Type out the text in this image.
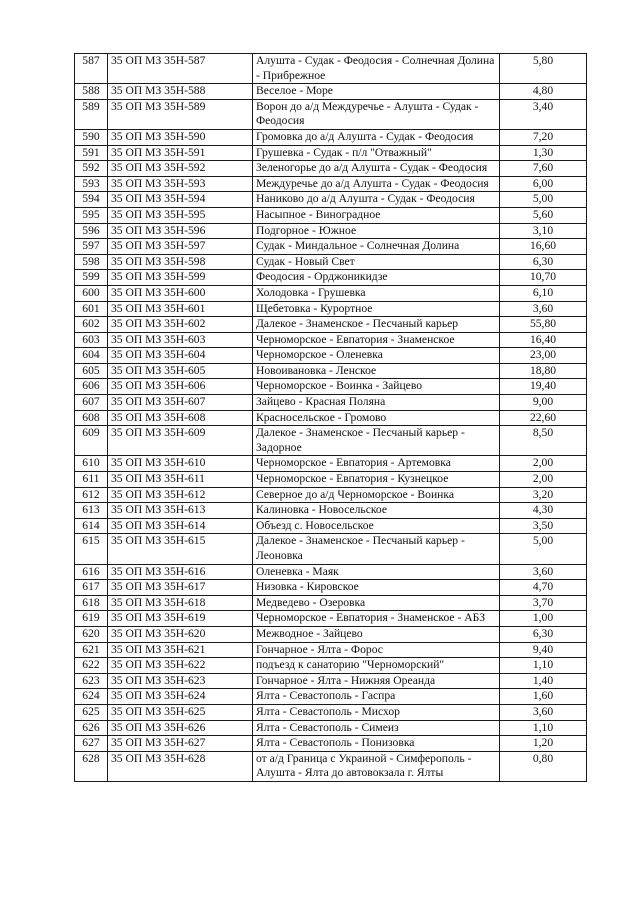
587	35 ОП МЗ 35Н-587	Алушта - Судак - Феодосия - Солнечная Долина - Прибрежное	5,80
588	35 ОП МЗ 35Н-588	Веселое - Море	4,80
589	35 ОП МЗ 35Н-589	Ворон до а/д Междуречье - Алушта - Судак - Феодосия	3,40
590	35 ОП МЗ 35Н-590	Громовка до а/д Алушта - Судак - Феодосия	7,20
591	35 ОП МЗ 35Н-591	Грушевка - Судак - п/л "Отважный"	1,30
592	35 ОП МЗ 35Н-592	Зеленогорье до а/д Алушта - Судак - Феодосия	7,60
593	35 ОП МЗ 35Н-593	Междуречье до а/д Алушта - Судак - Феодосия	6,00
594	35 ОП МЗ 35Н-594	Наниково до а/д Алушта - Судак - Феодосия	5,00
595	35 ОП МЗ 35Н-595	Насыпное - Виноградное	5,60
596	35 ОП МЗ 35Н-596	Подгорное - Южное	3,10
597	35 ОП МЗ 35Н-597	Судак - Миндальное - Солнечная Долина	16,60
598	35 ОП МЗ 35Н-598	Судак - Новый Свет	6,30
599	35 ОП МЗ 35Н-599	Феодосия - Орджоникидзе	10,70
600	35 ОП МЗ 35Н-600	Холодовка - Грушевка	6,10
601	35 ОП МЗ 35Н-601	Щебетовка - Курортное	3,60
602	35 ОП МЗ 35Н-602	Далекое - Знаменское - Песчаный карьер	55,80
603	35 ОП МЗ 35Н-603	Черноморское - Евпатория - Знаменское	16,40
604	35 ОП МЗ 35Н-604	Черноморское - Оленевка	23,00
605	35 ОП МЗ 35Н-605	Новоивановка - Ленское	18,80
606	35 ОП МЗ 35Н-606	Черноморское - Воинка - Зайцево	19,40
607	35 ОП МЗ 35Н-607	Зайцево - Красная Поляна	9,00
608	35 ОП МЗ 35Н-608	Красносельское - Громово	22,60
609	35 ОП МЗ 35Н-609	Далекое - Знаменское - Песчаный карьер - Задорное	8,50
610	35 ОП МЗ 35Н-610	Черноморское - Евпатория - Артемовка	2,00
611	35 ОП МЗ 35Н-611	Черноморское - Евпатория - Кузнецкое	2,00
612	35 ОП МЗ 35Н-612	Северное до а/д Черноморское - Воинка	3,20
613	35 ОП МЗ 35Н-613	Калиновка - Новосельское	4,30
614	35 ОП МЗ 35Н-614	Объезд с. Новосельское	3,50
615	35 ОП МЗ 35Н-615	Далекое - Знаменское - Песчаный карьер - Леоновка	5,00
616	35 ОП МЗ 35Н-616	Оленевка - Маяк	3,60
617	35 ОП МЗ 35Н-617	Низовка - Кировское	4,70
618	35 ОП МЗ 35Н-618	Медведево - Озеровка	3,70
619	35 ОП МЗ 35Н-619	Черноморское - Евпатория - Знаменское - АБЗ	1,00
620	35 ОП МЗ 35Н-620	Межводное - Зайцево	6,30
621	35 ОП МЗ 35Н-621	Гончарное - Ялта - Форос	9,40
622	35 ОП МЗ 35Н-622	подъезд к санаторию "Черноморский"	1,10
623	35 ОП МЗ 35Н-623	Гончарное - Ялта - Нижняя Ореанда	1,40
624	35 ОП МЗ 35Н-624	Ялта - Севастополь - Гаспра	1,60
625	35 ОП МЗ 35Н-625	Ялта - Севастополь - Мисхор	3,60
626	35 ОП МЗ 35Н-626	Ялта - Севастополь - Симеиз	1,10
627	35 ОП МЗ 35Н-627	Ялта - Севастополь - Понизовка	1,20
628	35 ОП МЗ 35Н-628	от а/д Граница с Украиной - Симферополь - Алушта - Ялта до автовокзала г. Ялты	0,80
